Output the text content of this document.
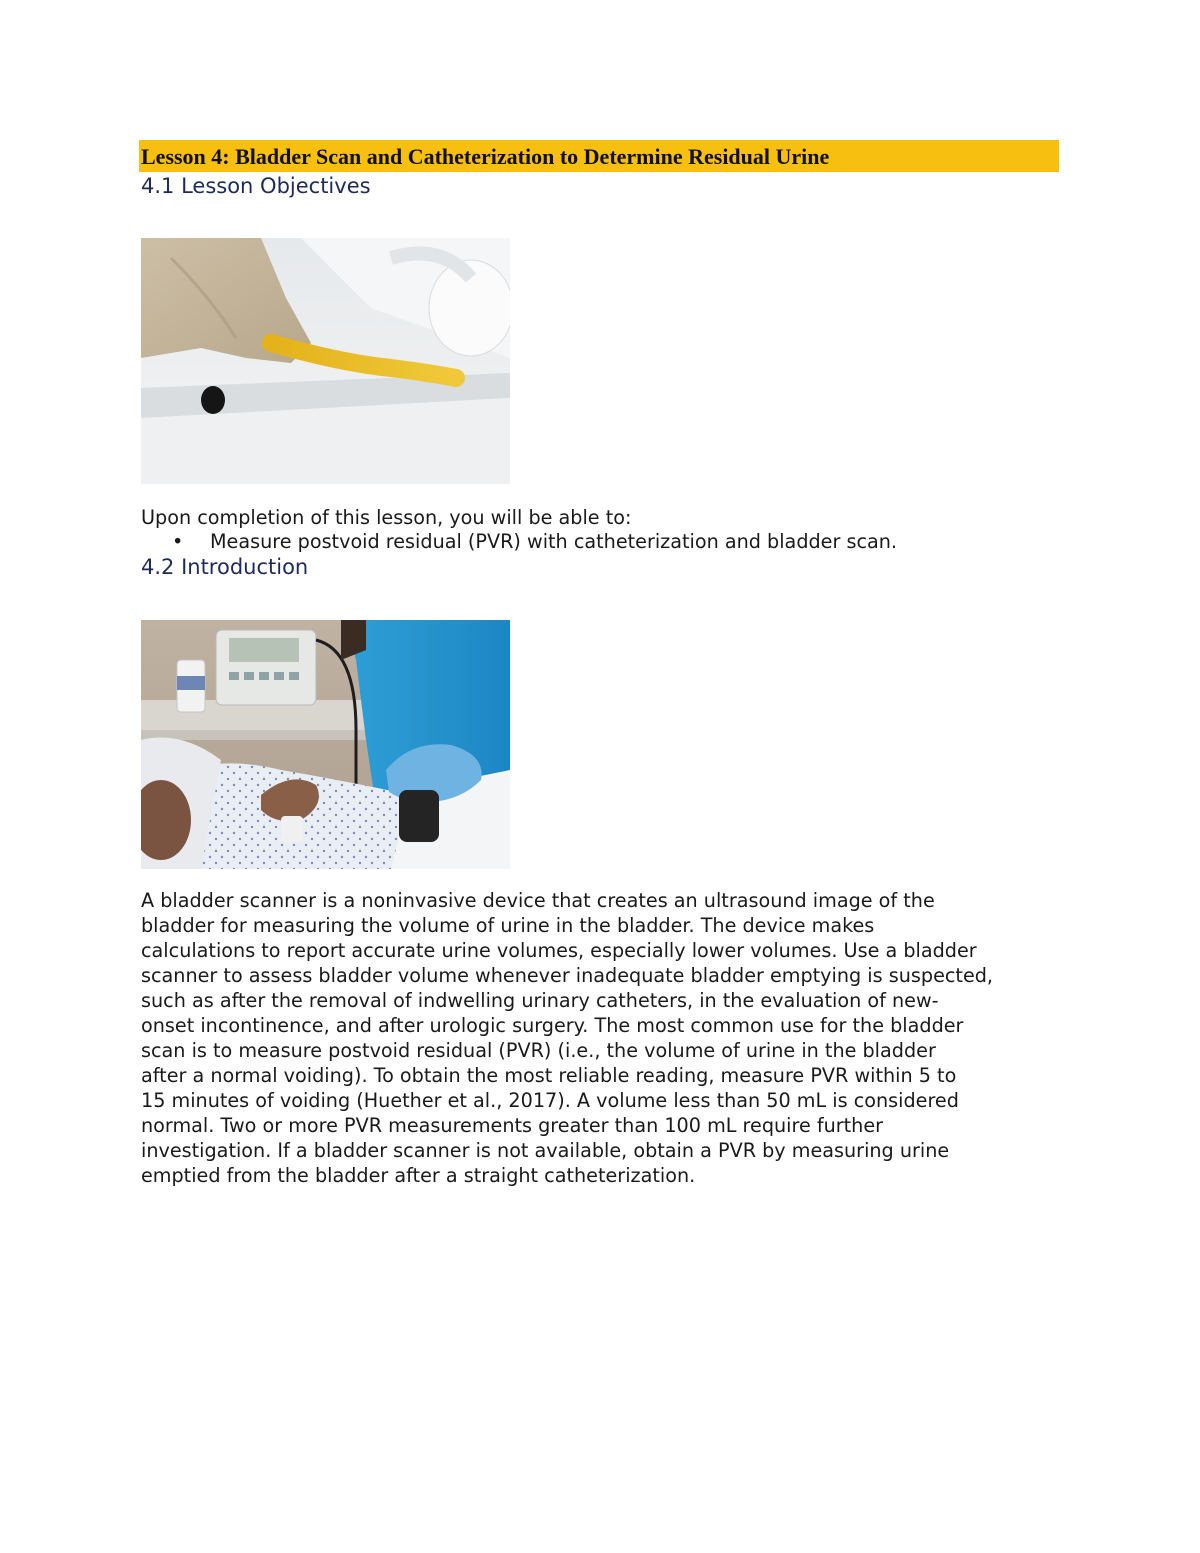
Lesson 4: Bladder Scan and Catheterization to Determine Residual Urine
4.1 Lesson Objectives
Upon completion of this lesson, you will be able to:
• Measure postvoid residual (PVR) with catheterization and bladder scan.
4.2 Introduction
A bladder scanner is a noninvasive device that creates an ultrasound image of the
bladder for measuring the volume of urine in the bladder. The device makes
calculations to report accurate urine volumes, especially lower volumes. Use a bladder
scanner to assess bladder volume whenever inadequate bladder emptying is suspected,
such as after the removal of indwelling urinary catheters, in the evaluation of new-
onset incontinence, and after urologic surgery. The most common use for the bladder
scan is to measure postvoid residual (PVR) (i.e., the volume of urine in the bladder
after a normal voiding). To obtain the most reliable reading, measure PVR within 5 to
15 minutes of voiding (Huether et al., 2017). A volume less than 50 mL is considered
normal. Two or more PVR measurements greater than 100 mL require further
investigation. If a bladder scanner is not available, obtain a PVR by measuring urine
emptied from the bladder after a straight catheterization.
